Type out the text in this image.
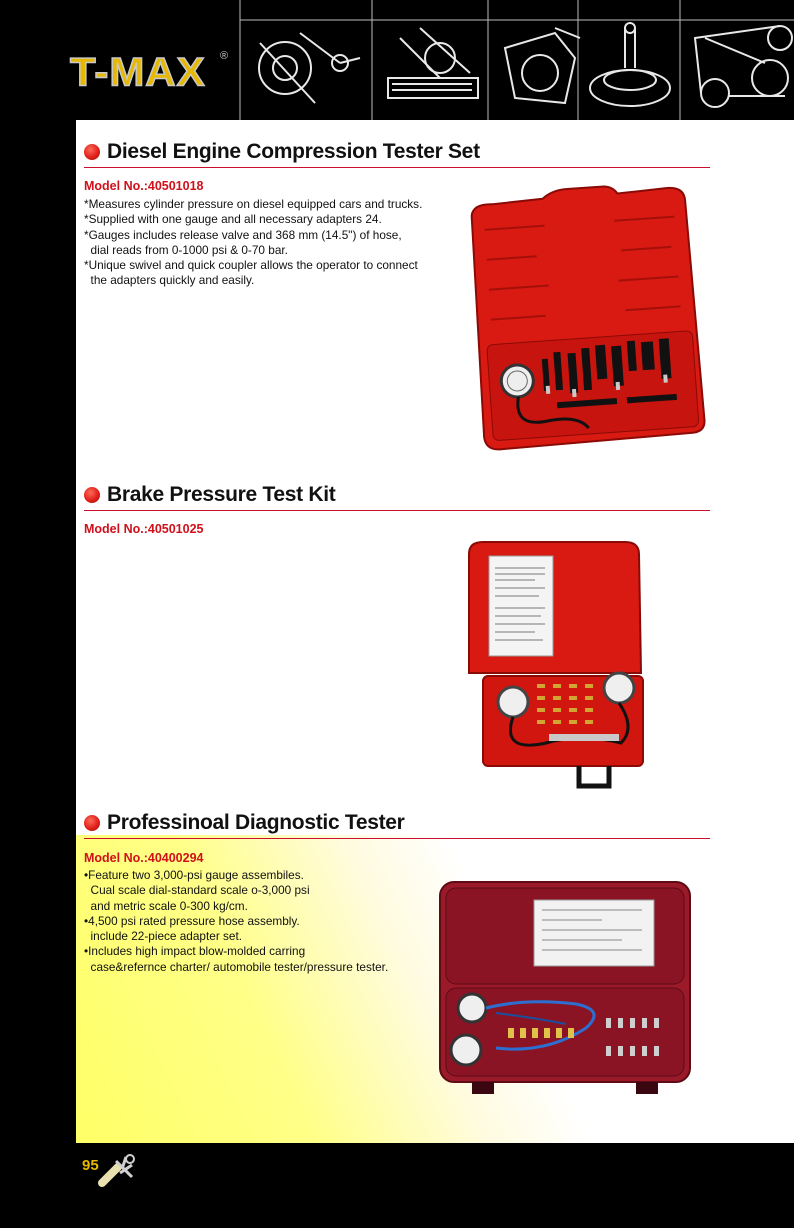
T-MAX ®
Diesel Engine Compression Tester Set
Model No.:40501018
*Measures cylinder pressure on diesel equipped cars and trucks.
*Supplied with one gauge and all necessary adapters 24.
*Gauges includes release valve and 368 mm (14.5") of hose,
dial reads from 0-1000 psi & 0-70 bar.
*Unique swivel and quick coupler allows the operator to connect
the adapters quickly and easily.
Brake Pressure Test Kit
Model No.:40501025
Professinoal Diagnostic Tester
Model No.:40400294
•Feature two 3,000-psi gauge assembiles.
Cual scale dial-standard scale o-3,000 psi
and metric scale 0-300 kg/cm.
•4,500 psi rated pressure hose assembly.
include 22-piece adapter set.
•Includes high impact blow-molded carring
case&refernce charter/ automobile tester/pressure tester.
95
